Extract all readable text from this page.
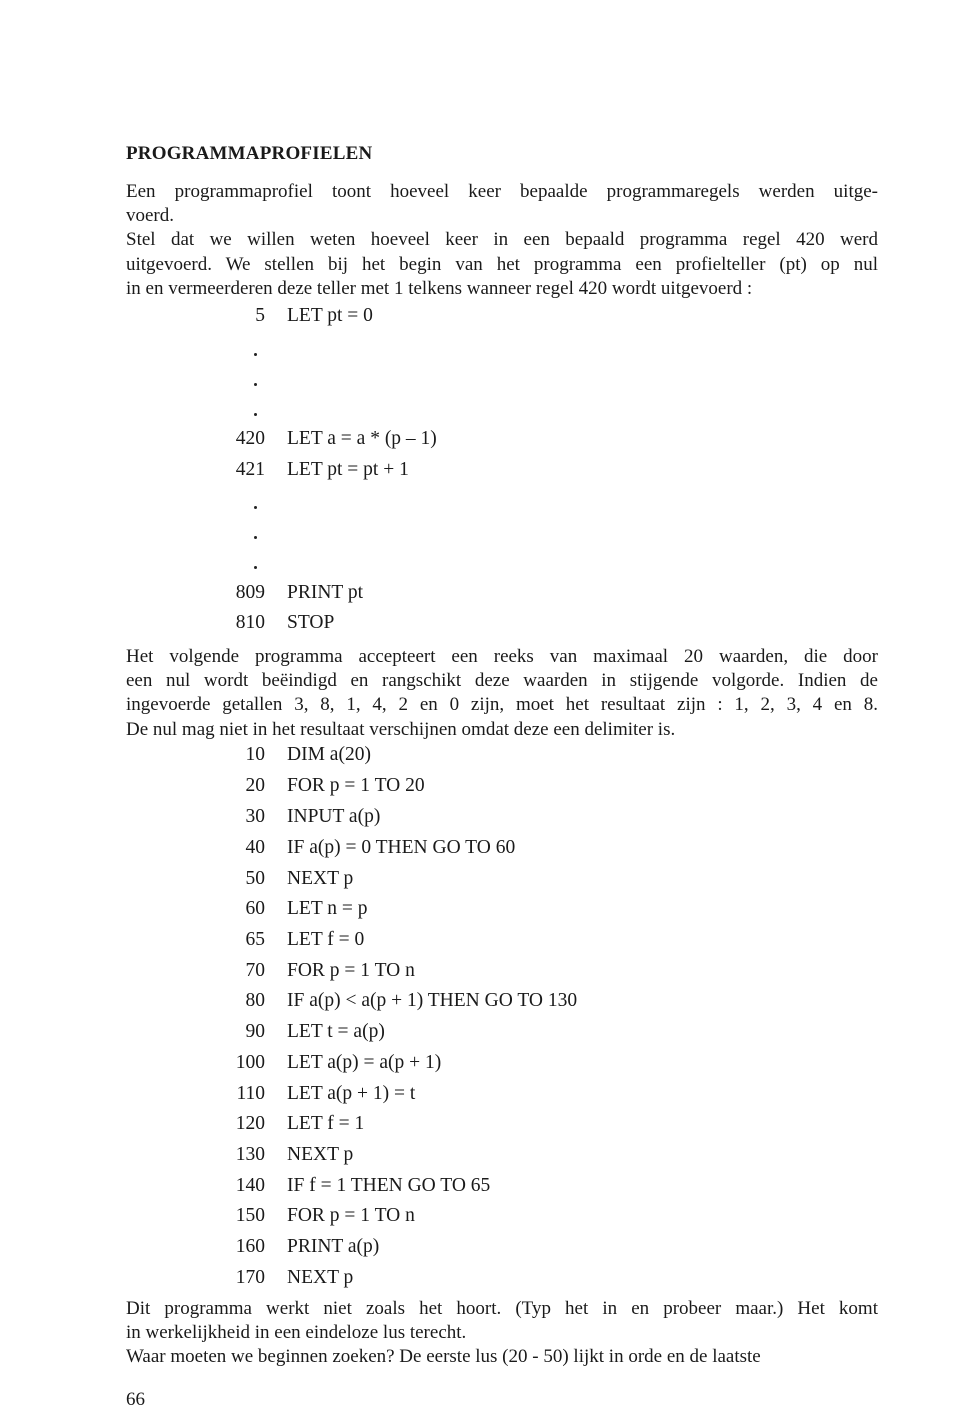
PROGRAMMAPROFIELEN
Een programmaprofiel toont hoeveel keer bepaalde programmaregels werden uitge-
voerd.
Stel dat we willen weten hoeveel keer in een bepaald programma regel 420 werd
uitgevoerd. We stellen bij het begin van het programma een profielteller (pt) op nul
in en vermeerderen deze teller met 1 telkens wanneer regel 420 wordt uitgevoerd :
5 LET pt = 0
420 LET a = a * (p – 1)
421 LET pt = pt + 1
809 PRINT pt
810 STOP
Het volgende programma accepteert een reeks van maximaal 20 waarden, die door
een nul wordt beëindigd en rangschikt deze waarden in stijgende volgorde. Indien de
ingevoerde getallen 3, 8, 1, 4, 2 en 0 zijn, moet het resultaat zijn : 1, 2, 3, 4 en 8.
De nul mag niet in het resultaat verschijnen omdat deze een delimiter is.
10 DIM a(20)
20 FOR p = 1 TO 20
30 INPUT a(p)
40 IF a(p) = 0 THEN GO TO 60
50 NEXT p
60 LET n = p
65 LET f = 0
70 FOR p = 1 TO n
80 IF a(p) < a(p + 1) THEN GO TO 130
90 LET t = a(p)
100 LET a(p) = a(p + 1)
110 LET a(p + 1) = t
120 LET f = 1
130 NEXT p
140 IF f = 1 THEN GO TO 65
150 FOR p = 1 TO n
160 PRINT a(p)
170 NEXT p
Dit programma werkt niet zoals het hoort. (Typ het in en probeer maar.) Het komt
in werkelijkheid in een eindeloze lus terecht.
Waar moeten we beginnen zoeken? De eerste lus (20 - 50) lijkt in orde en de laatste
66
